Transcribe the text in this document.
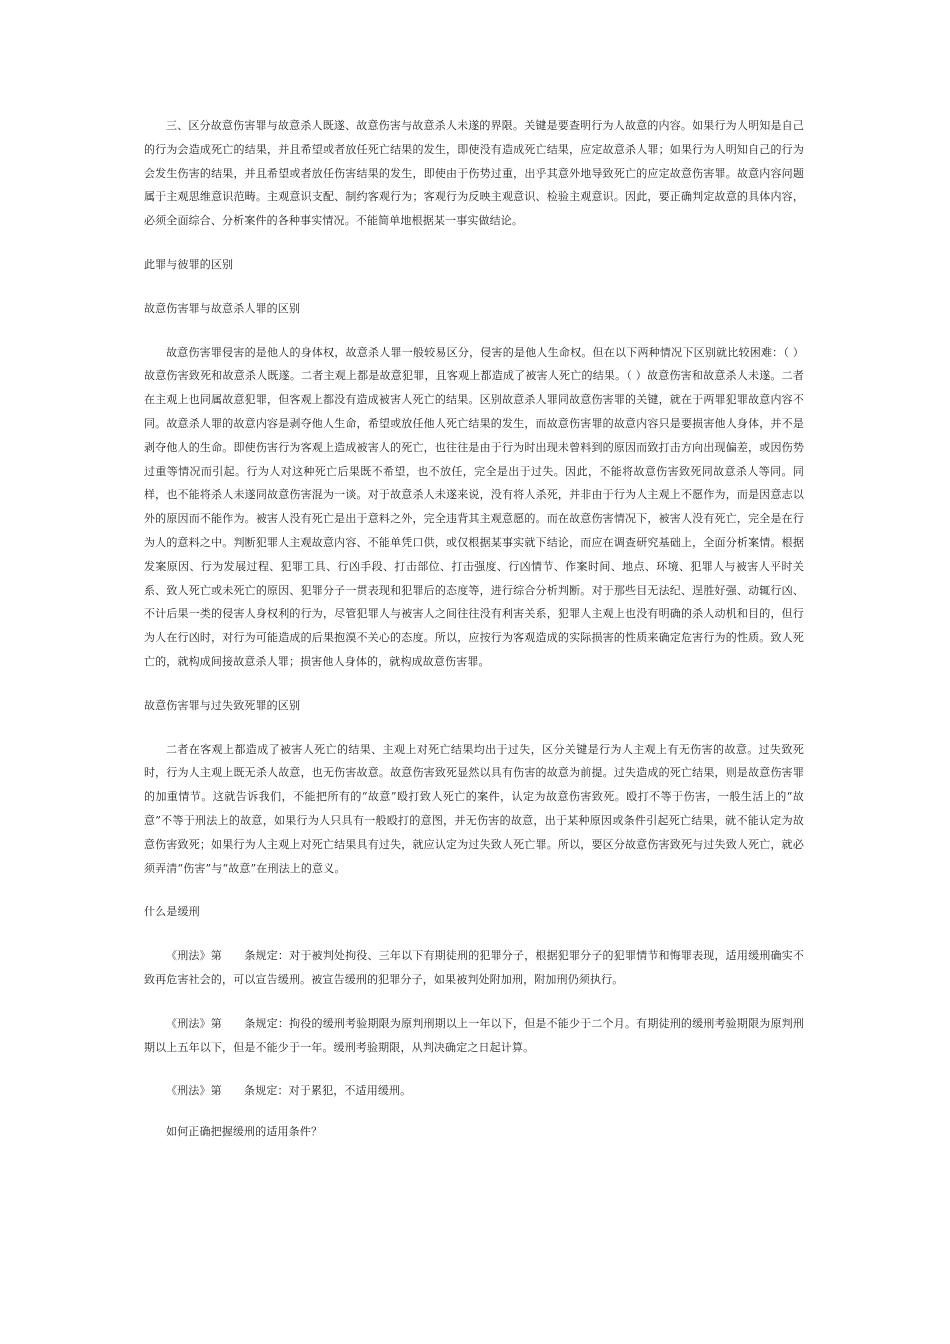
三、区分故意伤害罪与故意杀人既遂、故意伤害与故意杀人未遂的界限。关键是要查明行为人故意的内容。如果行为人明知是自己的行为会造成死亡的结果，并且希望或者放任死亡结果的发生，即使没有造成死亡结果，应定故意杀人罪；如果行为人明知自己的行为会发生伤害的结果，并且希望或者放任伤害结果的发生，即使由于伤势过重，出乎其意外地导致死亡的应定故意伤害罪。故意内容问题属于主观思维意识范畴。主观意识支配、制约客观行为；客观行为反映主观意识、检验主观意识。因此，要正确判定故意的具体内容，必须全面综合、分析案件的各种事实情况。不能简单地根据某一事实做结论。

此罪与彼罪的区别

故意伤害罪与故意杀人罪的区别

故意伤害罪侵害的是他人的身体权，故意杀人罪一般较易区分，侵害的是他人生命权。但在以下两种情况下区别就比较困难：（ ）故意伤害致死和故意杀人既遂。二者主观上都是故意犯罪，且客观上都造成了被害人死亡的结果。（ ）故意伤害和故意杀人未遂。二者在主观上也同属故意犯罪，但客观上都没有造成被害人死亡的结果。区别故意杀人罪同故意伤害罪的关键，就在于两罪犯罪故意内容不同。故意杀人罪的故意内容是剥夺他人生命，希望或放任他人死亡结果的发生，而故意伤害罪的故意内容只是要损害他人身体，并不是剥夺他人的生命。即使伤害行为客观上造成被害人的死亡，也往往是由于行为时出现未曾料到的原因而致打击方向出现偏差，或因伤势过重等情况而引起。行为人对这种死亡后果既不希望，也不放任，完全是出于过失。因此，不能将故意伤害致死同故意杀人等同。同样，也不能将杀人未遂同故意伤害混为一谈。对于故意杀人未遂来说，没有将人杀死，并非由于行为人主观上不愿作为，而是因意志以外的原因而不能作为。被害人没有死亡是出于意料之外，完全违背其主观意愿的。而在故意伤害情况下，被害人没有死亡，完全是在行为人的意料之中。判断犯罪人主观故意内容、不能单凭口供，或仅根据某事实就下结论，而应在调查研究基础上，全面分析案情。根据发案原因、行为发展过程、犯罪工具、行凶手段、打击部位、打击强度、行凶情节、作案时间、地点、环境、犯罪人与被害人平时关系、致人死亡或未死亡的原因、犯罪分子一贯表现和犯罪后的态度等，进行综合分析判断。对于那些目无法纪、逞胜好强、动辄行凶、不计后果一类的侵害人身权利的行为，尽管犯罪人与被害人之间往往没有利害关系，犯罪人主观上也没有明确的杀人动机和目的，但行为人在行凶时，对行为可能造成的后果抱漠不关心的态度。所以，应按行为客观造成的实际损害的性质来确定危害行为的性质。致人死亡的，就构成间接故意杀人罪；损害他人身体的，就构成故意伤害罪。

故意伤害罪与过失致死罪的区别

二者在客观上都造成了被害人死亡的结果、主观上对死亡结果均出于过失，区分关键是行为人主观上有无伤害的故意。过失致死时，行为人主观上既无杀人故意，也无伤害故意。故意伤害致死显然以具有伤害的故意为前提。过失造成的死亡结果，则是故意伤害罪的加重情节。这就告诉我们，不能把所有的“故意”殴打致人死亡的案件，认定为故意伤害致死。殴打不等于伤害，一般生活上的“故意”不等于刑法上的故意，如果行为人只具有一般殴打的意图，并无伤害的故意，出于某种原因或条件引起死亡结果，就不能认定为故意伤害致死；如果行为人主观上对死亡结果具有过失，就应认定为过失致人死亡罪。所以，要区分故意伤害致死与过失致人死亡，就必须弄清“伤害”与“故意”在刑法上的意义。

什么是缓刑

《刑法》第　　条规定：对于被判处拘役、三年以下有期徒刑的犯罪分子，根据犯罪分子的犯罪情节和悔罪表现，适用缓刑确实不致再危害社会的，可以宣告缓刑。被宣告缓刑的犯罪分子，如果被判处附加刑，附加刑仍须执行。

《刑法》第　　条规定：拘役的缓刑考验期限为原判刑期以上一年以下，但是不能少于二个月。有期徒刑的缓刑考验期限为原判刑期以上五年以下，但是不能少于一年。缓刑考验期限，从判决确定之日起计算。

《刑法》第　　条规定：对于累犯，不适用缓刑。

如何正确把握缓刑的适用条件？
